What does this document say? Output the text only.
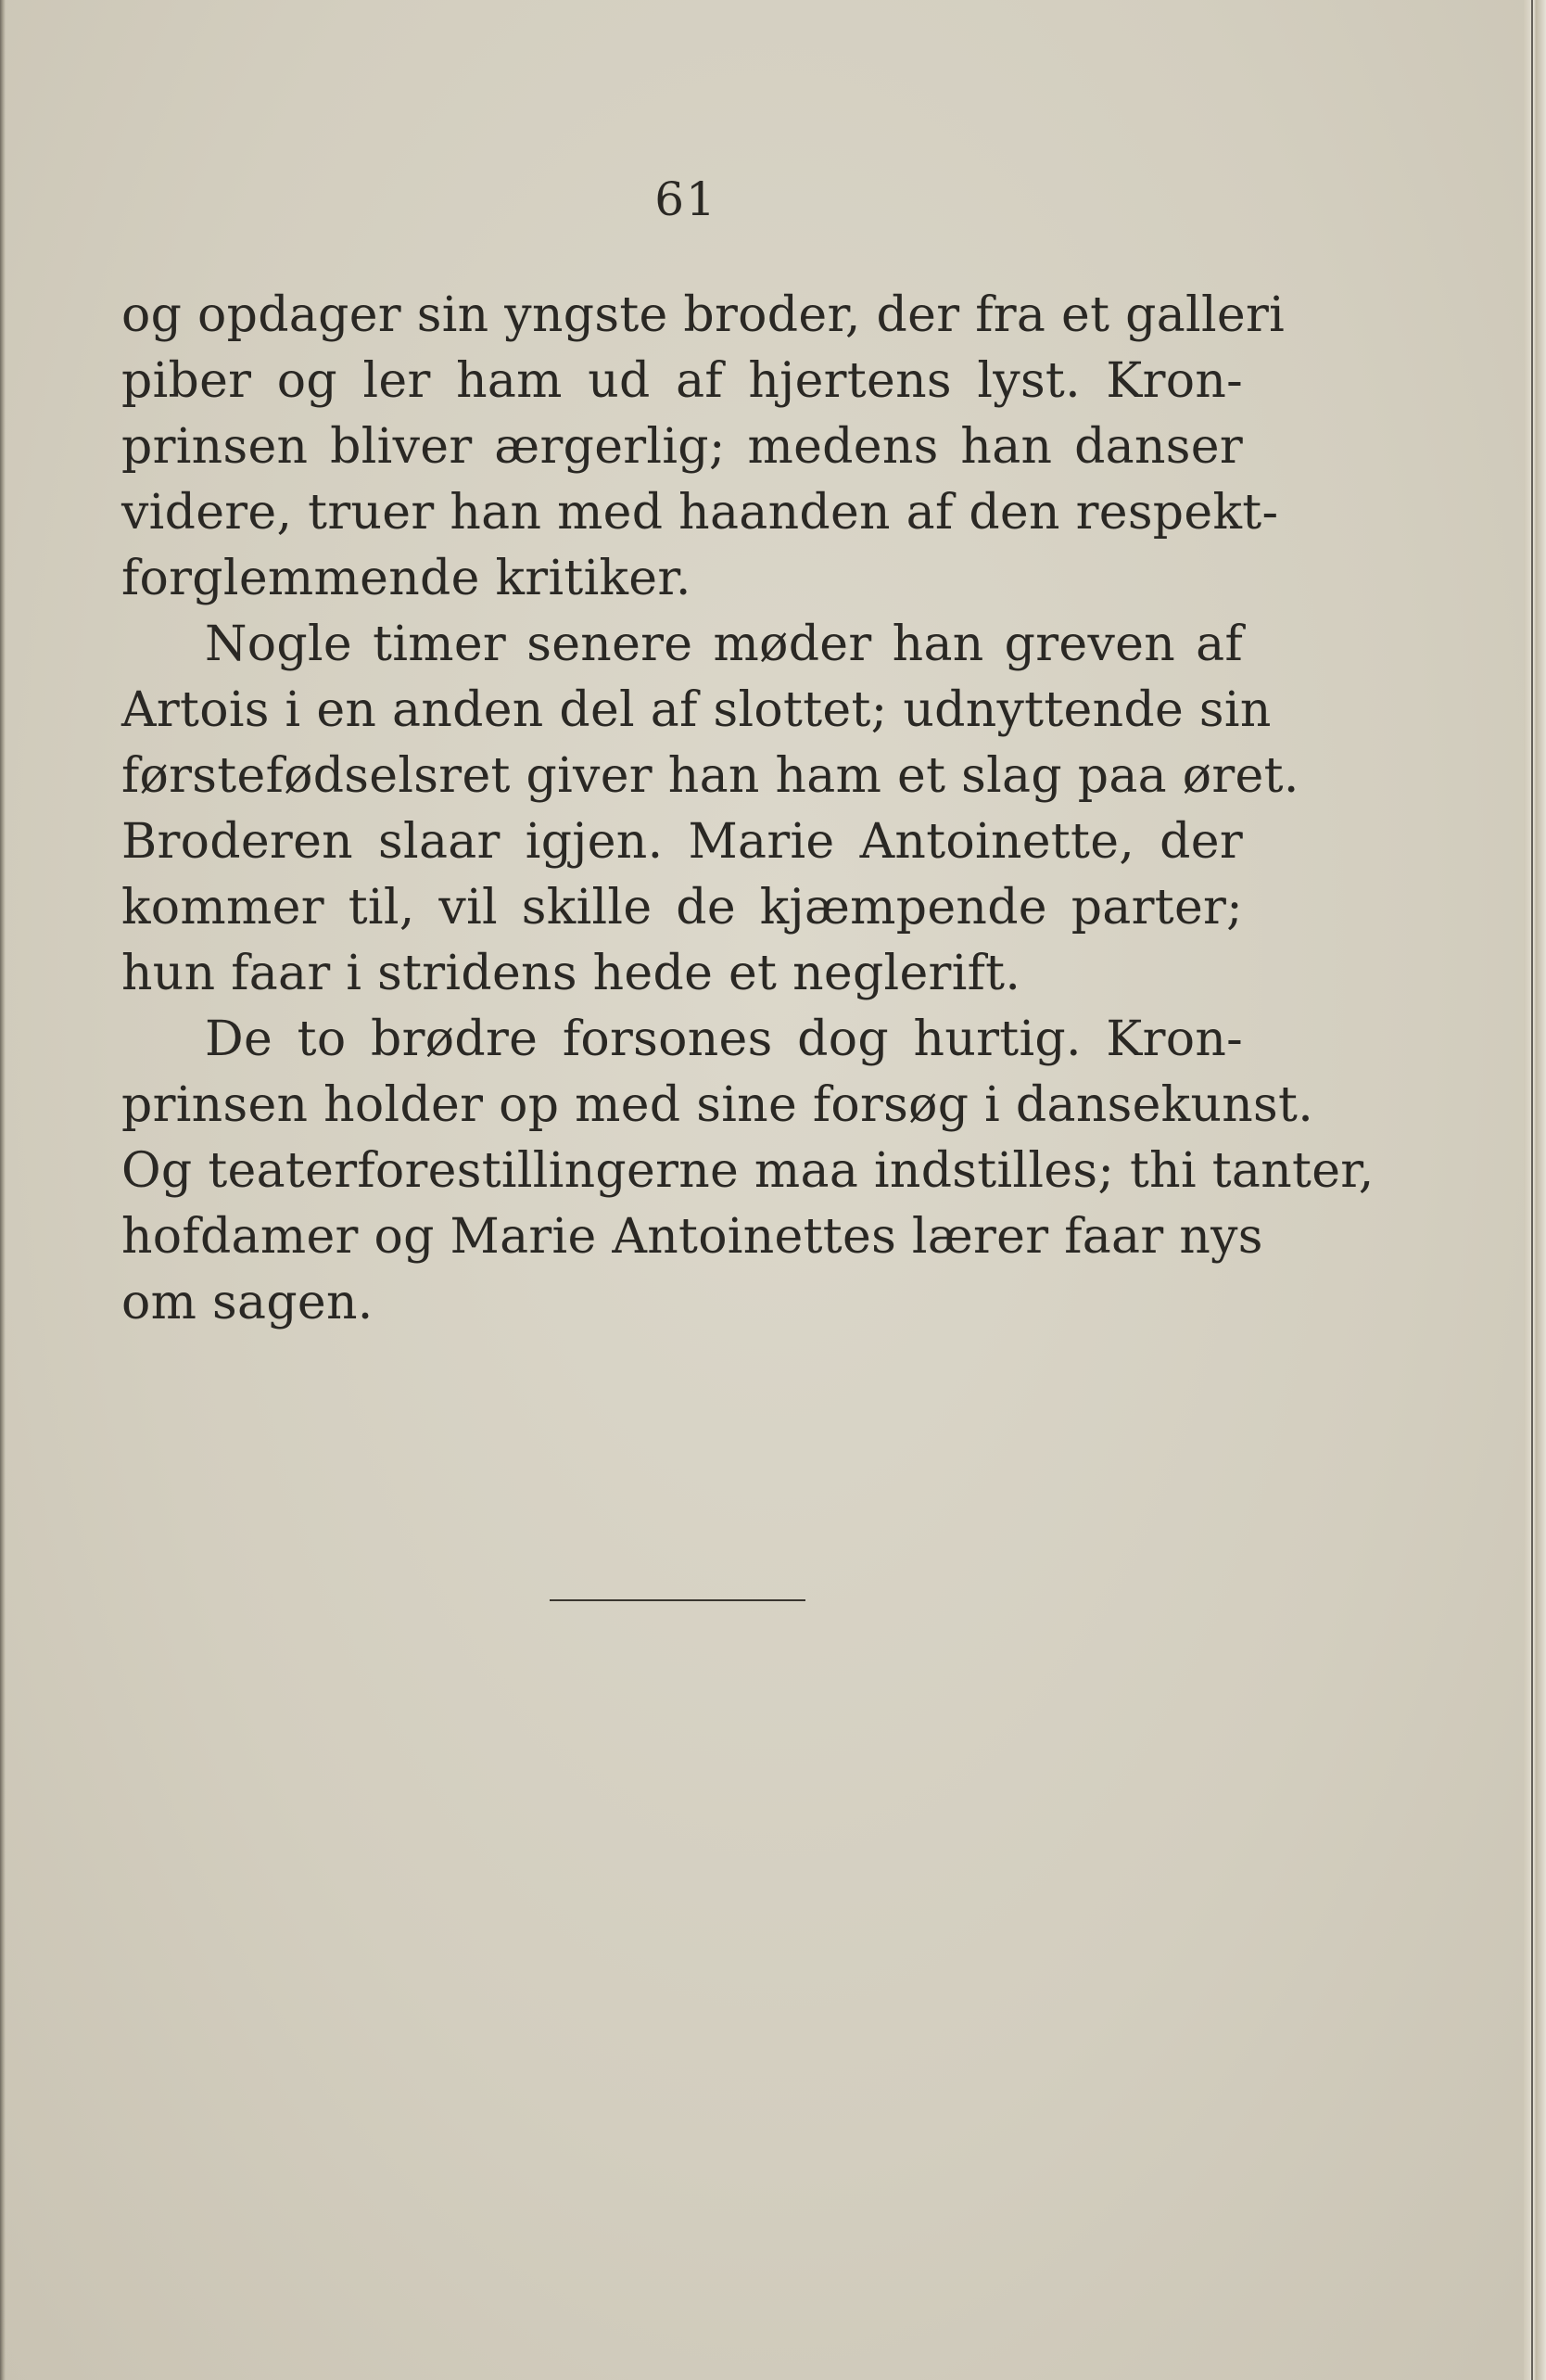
61
og opdager sin yngste broder, der fra et galleri
piber og ler ham ud af hjertens lyst. Kron-
prinsen bliver ærgerlig; medens han danser
videre, truer han med haanden af den respekt-
forglemmende kritiker.
Nogle timer senere møder han greven af
Artois i en anden del af slottet; udnyttende sin
førstefødselsret giver han ham et slag paa øret.
Broderen slaar igjen. Marie Antoinette, der
kommer til, vil skille de kjæmpende parter;
hun faar i stridens hede et neglerift.
De to brødre forsones dog hurtig. Kron-
prinsen holder op med sine forsøg i dansekunst.
Og teaterforestillingerne maa indstilles; thi tanter,
hofdamer og Marie Antoinettes lærer faar nys
om sagen.
